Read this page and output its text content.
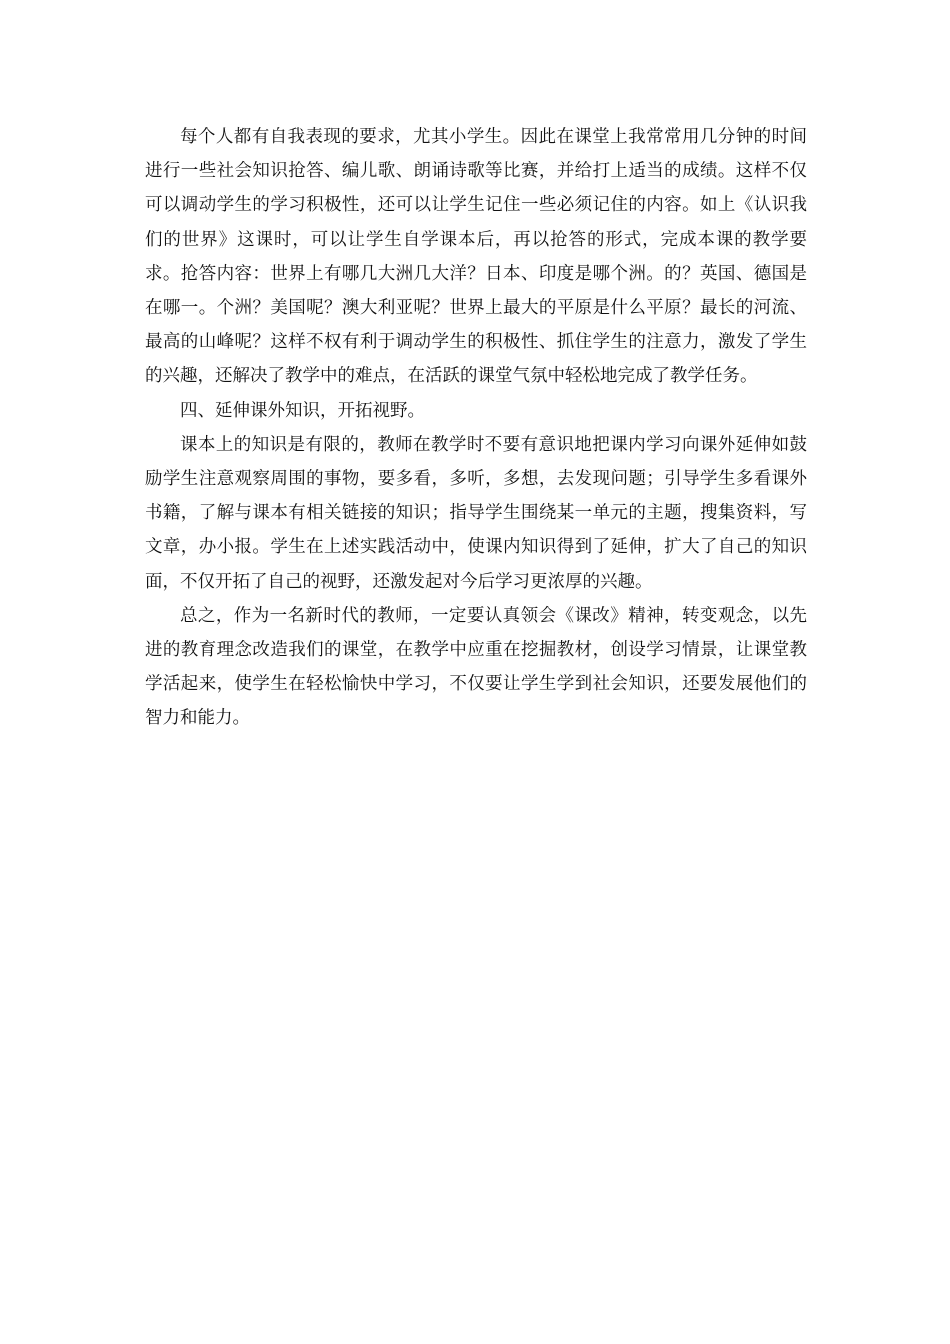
每个人都有自我表现的要求，尤其小学生。因此在课堂上我常常用几分钟的时间进行一些社会知识抢答、编儿歌、朗诵诗歌等比赛，并给打上适当的成绩。这样不仅可以调动学生的学习积极性，还可以让学生记住一些必须记住的内容。如上《认识我们的世界》这课时，可以让学生自学课本后，再以抢答的形式，完成本课的教学要求。抢答内容：世界上有哪几大洲几大洋？日本、印度是哪个洲。的？英国、德国是在哪一。个洲？美国呢？澳大利亚呢？世界上最大的平原是什么平原？最长的河流、最高的山峰呢？这样不权有利于调动学生的积极性、抓住学生的注意力，激发了学生的兴趣，还解决了教学中的难点，在活跃的课堂气氛中轻松地完成了教学任务。

四、延伸课外知识，开拓视野。

课本上的知识是有限的，教师在教学时不要有意识地把课内学习向课外延伸如鼓励学生注意观察周围的事物，要多看，多听，多想，去发现问题；引导学生多看课外书籍，了解与课本有相关链接的知识；指导学生围绕某一单元的主题，搜集资料，写文章，办小报。学生在上述实践活动中，使课内知识得到了延伸，扩大了自己的知识面，不仅开拓了自己的视野，还激发起对今后学习更浓厚的兴趣。

总之，作为一名新时代的教师，一定要认真领会《课改》精神，转变观念，以先进的教育理念改造我们的课堂，在教学中应重在挖掘教材，创设学习情景，让课堂教学活起来，使学生在轻松愉快中学习，不仅要让学生学到社会知识，还要发展他们的智力和能力。
